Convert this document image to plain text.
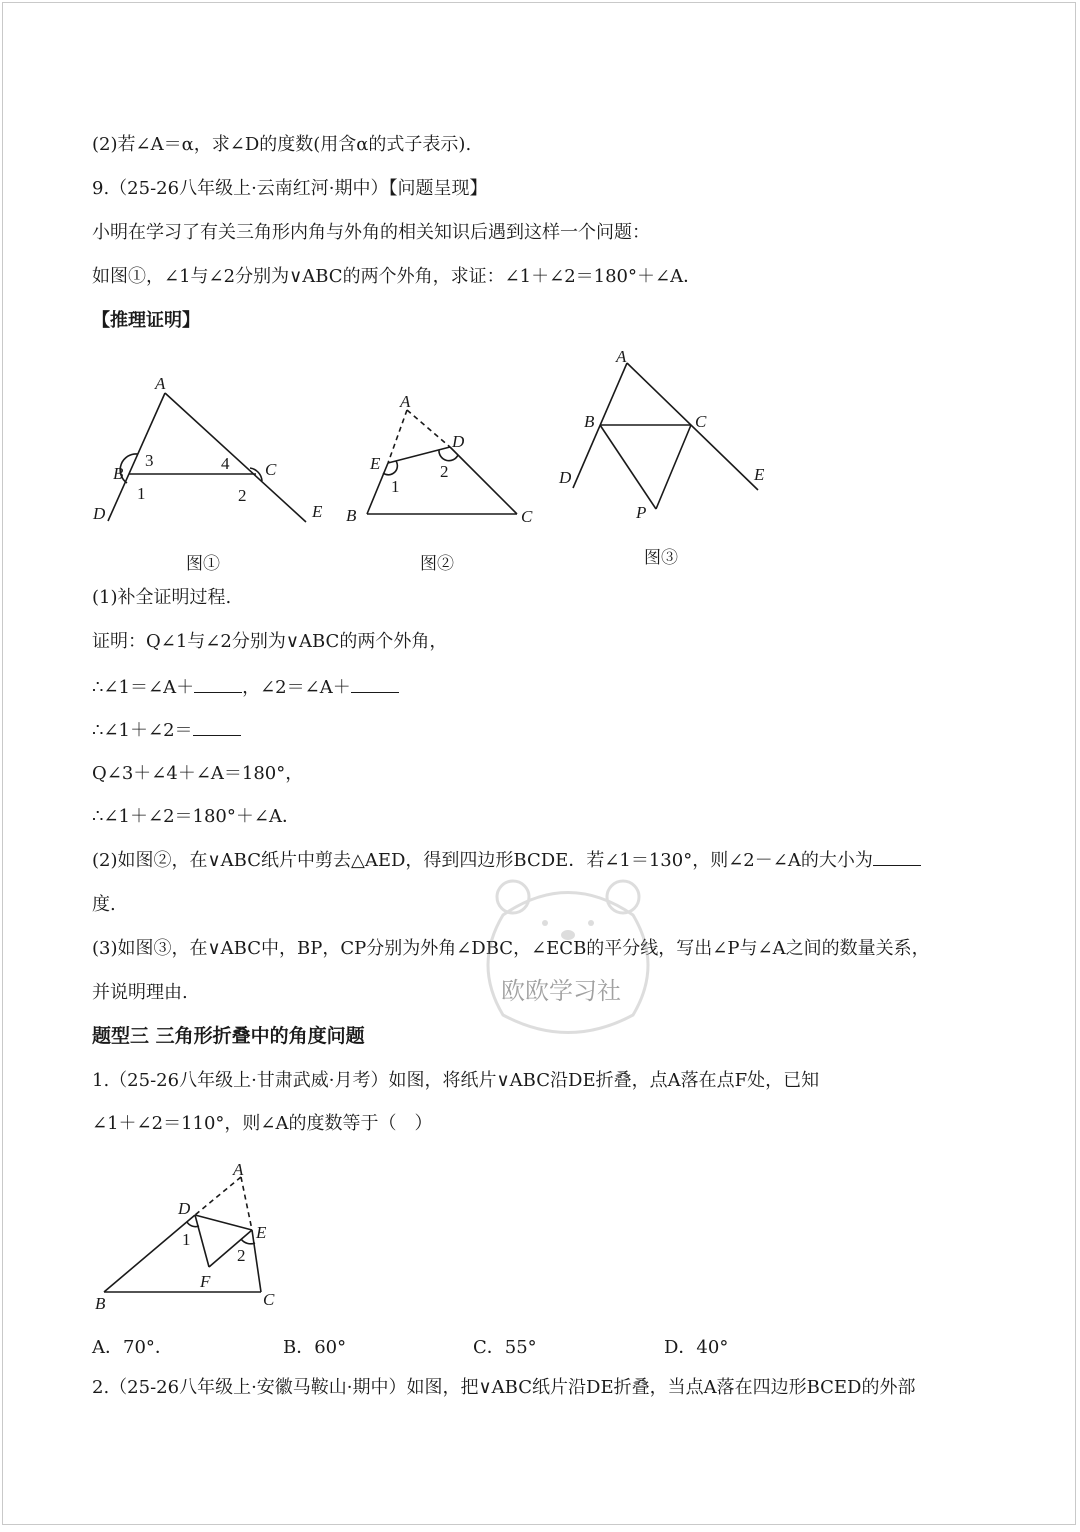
(2)若∠A＝α，求∠D的度数(用含α的式子表示).
9.（25-26八年级上·云南红河·期中）【问题呈现】
小明在学习了有关三角形内角与外角的相关知识后遇到这样一个问题：
如图①，∠1与∠2分别为∨ABC的两个外角，求证：∠1＋∠2＝180°＋∠A．
【推理证明】
A
B	C
D	E
3	4
1	2
A
E
D
B	C
1
2
A
B	C
D	E
P
A
D
E
B	C
F
1
2
图①	图②	图③
(1)补全证明过程.
证明：Q∠1与∠2分别为∨ABC的两个外角，
∴∠1＝∠A＋	，∠2＝∠A＋
∴∠1＋∠2＝
Q∠3＋∠4＋∠A＝180°，
∴∠1＋∠2＝180°＋∠A．
(2)如图②，在∨ABC纸片中剪去△AED，得到四边形BCDE．若∠1＝130°，则∠2－∠A的大小为
度.
(3)如图③，在∨ABC中，BP，CP分别为外角∠DBC，∠ECB的平分线，写出∠P与∠A之间的数量关系，
并说明理由.
题型三 三角形折叠中的角度问题
1.（25-26八年级上·甘肃武威·月考）如图，将纸片∨ABC沿DE折叠，点A落在点F处，已知
∠1＋∠2＝110°，则∠A的度数等于（　）
A．70°．	B．60°	C．55°	D．40°
2.（25-26八年级上·安徽马鞍山·期中）如图，把∨ABC纸片沿DE折叠，当点A落在四边形BCED的外部
欧欧学习社
